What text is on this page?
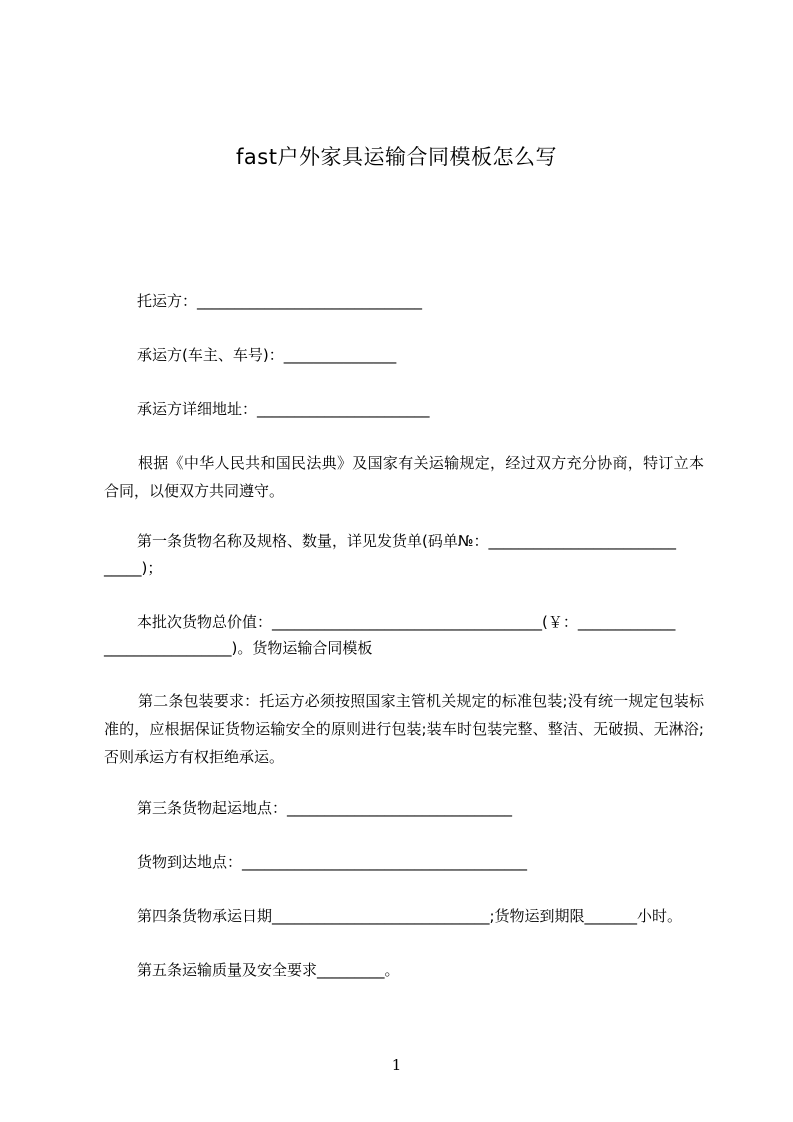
fast户外家具运输合同模板怎么写
托运方：______________________________
承运方(车主、车号)：_______________
承运方详细地址：_______________________
根据《中华人民共和国民法典》及国家有关运输规定，经过双方充分协商，特订立本合同，以便双方共同遵守。
第一条货物名称及规格、数量，详见发货单(码单№：_________________________
_____)；
本批次货物总价值：____________________________________(￥：_____________
_________________)。货物运输合同模板
第二条包装要求：托运方必须按照国家主管机关规定的标准包装;没有统一规定包装标准的，应根据保证货物运输安全的原则进行包装;装车时包装完整、整洁、无破损、无淋浴;否则承运方有权拒绝承运。
第三条货物起运地点：______________________________
货物到达地点：______________________________________
第四条货物承运日期_____________________________;货物运到期限_______小时。
第五条运输质量及安全要求_________。
1
